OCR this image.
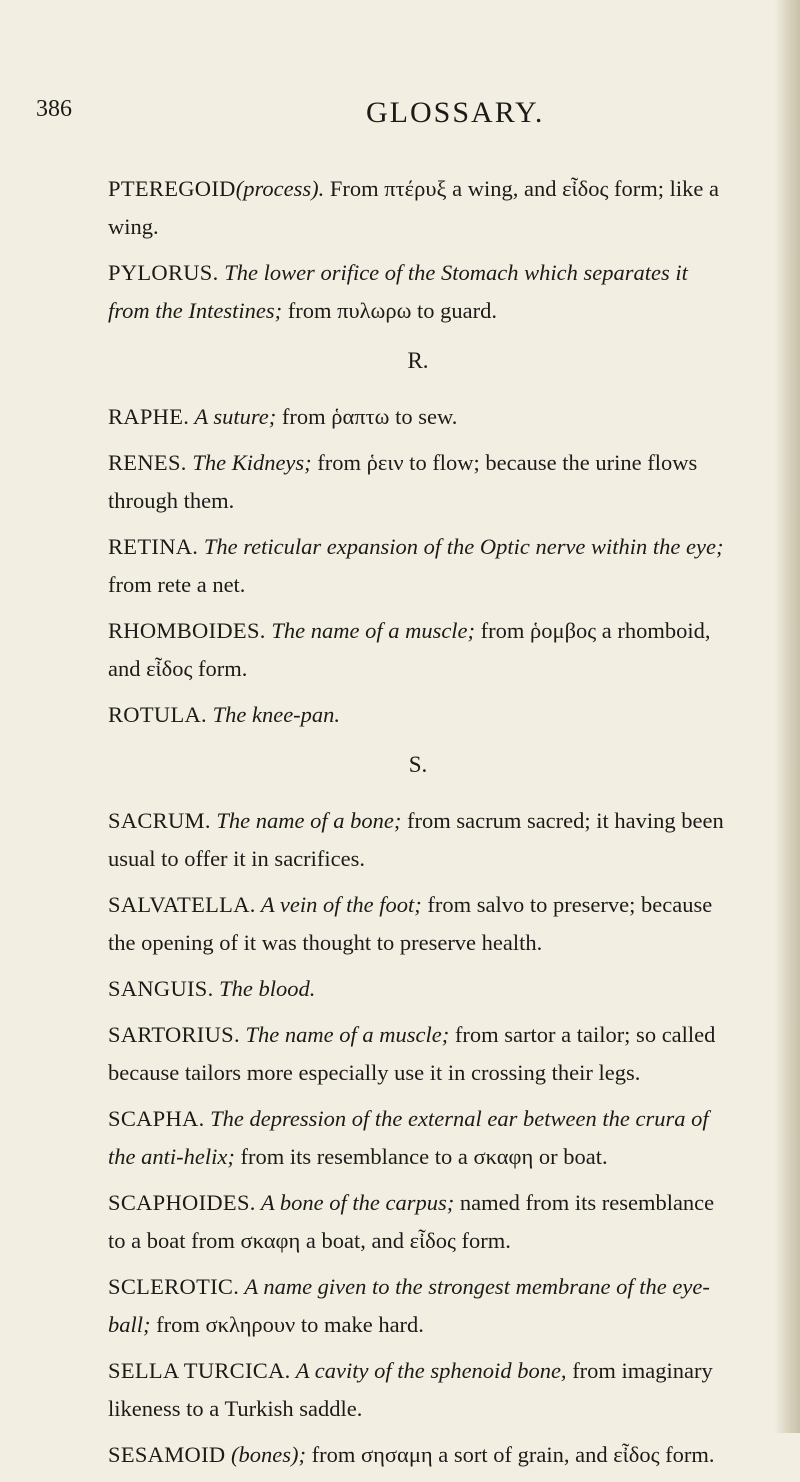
386	GLOSSARY.

PTEREGOID(process). From πτέρυξ a wing, and εἶδος form; like a wing.

PYLORUS. The lower orifice of the Stomach which separates it from the Intestines; from πυλωρω to guard.

R.

RAPHE. A suture; from ῥαπτω to sew.

RENES. The Kidneys; from ῥειν to flow; because the urine flows through them.

RETINA. The reticular expansion of the Optic nerve within the eye; from rete a net.

RHOMBOIDES. The name of a muscle; from ῥομβος a rhomboid, and εἶδος form.

ROTULA. The knee-pan.

S.

SACRUM. The name of a bone; from sacrum sacred; it having been usual to offer it in sacrifices.

SALVATELLA. A vein of the foot; from salvo to preserve; because the opening of it was thought to preserve health.

SANGUIS. The blood.

SARTORIUS. The name of a muscle; from sartor a tailor; so called because tailors more especially use it in crossing their legs.

SCAPHA. The depression of the external ear between the crura of the anti-helix; from its resemblance to a σκαφη or boat.

SCAPHOIDES. A bone of the carpus; named from its resemblance to a boat from σκαφη a boat, and εἶδος form.

SCLEROTIC. A name given to the strongest membrane of the eye-ball; from σκληρουν to make hard.

SELLA TURCICA. A cavity of the sphenoid bone, from imaginary likeness to a Turkish saddle.

SESAMOID (bones); from σησαμη a sort of grain, and εἶδος form.
